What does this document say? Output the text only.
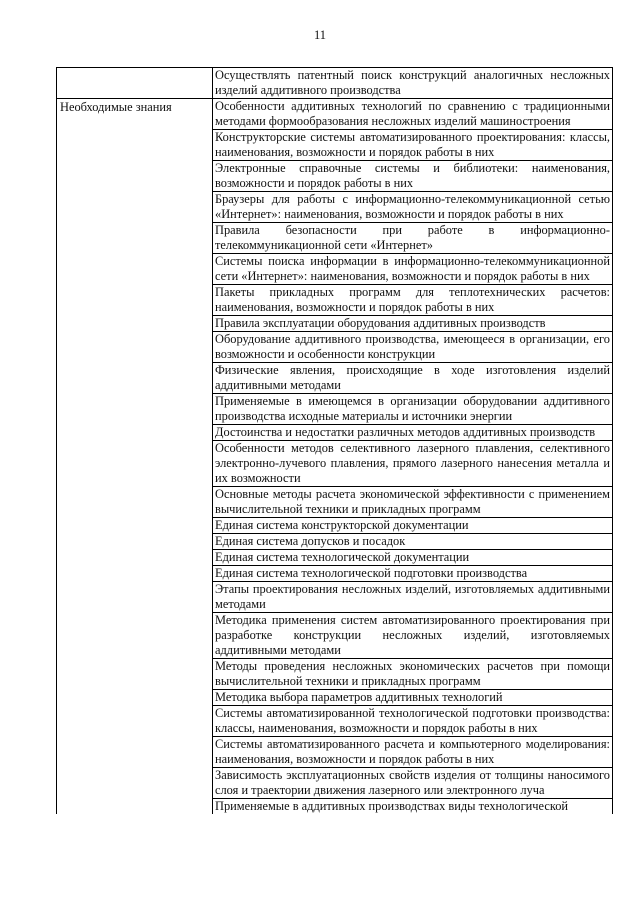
11
	Осуществлять патентный поиск конструкций аналогичных несложных изделий аддитивного производства
Необходимые знания	Особенности аддитивных технологий по сравнению с традиционными методами формообразования несложных изделий машиностроения
	Конструкторские системы автоматизированного проектирования: классы, наименования, возможности и порядок работы в них
	Электронные справочные системы и библиотеки: наименования, возможности и порядок работы в них
	Браузеры для работы с информационно-телекоммуникационной сетью «Интернет»: наименования, возможности и порядок работы в них
	Правила безопасности при работе в информационно-телекоммуникационной сети «Интернет»
	Системы поиска информации в информационно-телекоммуникационной сети «Интернет»: наименования, возможности и порядок работы в них
	Пакеты прикладных программ для теплотехнических расчетов: наименования, возможности и порядок работы в них
	Правила эксплуатации оборудования аддитивных производств
	Оборудование аддитивного производства, имеющееся в организации, его возможности и особенности конструкции
	Физические явления, происходящие в ходе изготовления изделий аддитивными методами
	Применяемые в имеющемся в организации оборудовании аддитивного производства исходные материалы и источники энергии
	Достоинства и недостатки различных методов аддитивных производств
	Особенности методов селективного лазерного плавления, селективного электронно-лучевого плавления, прямого лазерного нанесения металла и их возможности
	Основные методы расчета экономической эффективности с применением вычислительной техники и прикладных программ
	Единая система конструкторской документации
	Единая система допусков и посадок
	Единая система технологической документации
	Единая система технологической подготовки производства
	Этапы проектирования несложных изделий, изготовляемых аддитивными методами
	Методика применения систем автоматизированного проектирования при разработке конструкции несложных изделий, изготовляемых аддитивными методами
	Методы проведения несложных экономических расчетов при помощи вычислительной техники и прикладных программ
	Методика выбора параметров аддитивных технологий
	Системы автоматизированной технологической подготовки производства: классы, наименования, возможности и порядок работы в них
	Системы автоматизированного расчета и компьютерного моделирования: наименования, возможности и порядок работы в них
	Зависимость эксплуатационных свойств изделия от толщины наносимого слоя и траектории движения лазерного или электронного луча
	Применяемые в аддитивных производствах виды технологической
